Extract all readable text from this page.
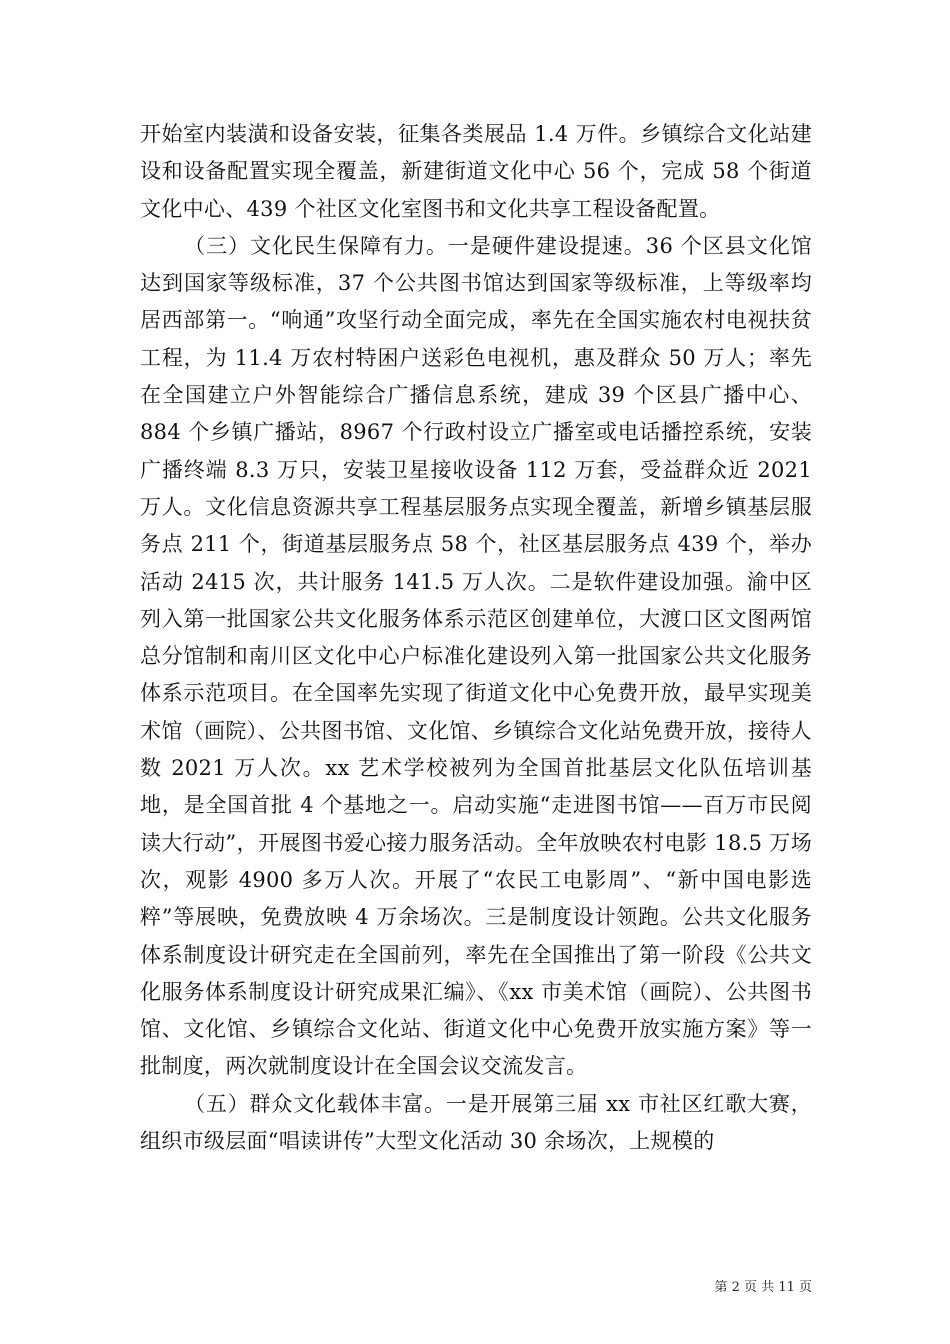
开始室内装潢和设备安装，征集各类展品 1.4 万件。乡镇综合文化站建设和设备配置实现全覆盖，新建街道文化中心 56 个，完成 58 个街道文化中心、439 个社区文化室图书和文化共享工程设备配置。

（三）文化民生保障有力。一是硬件建设提速。36 个区县文化馆达到国家等级标准，37 个公共图书馆达到国家等级标准，上等级率均居西部第一。“响通”攻坚行动全面完成，率先在全国实施农村电视扶贫工程，为 11.4 万农村特困户送彩色电视机，惠及群众 50 万人；率先在全国建立户外智能综合广播信息系统，建成 39 个区县广播中心、884 个乡镇广播站，8967 个行政村设立广播室或电话播控系统，安装广播终端 8.3 万只，安装卫星接收设备 112 万套，受益群众近 2021 万人。文化信息资源共享工程基层服务点实现全覆盖，新增乡镇基层服务点 211 个，街道基层服务点 58 个，社区基层服务点 439 个，举办活动 2415 次，共计服务 141.5 万人次。二是软件建设加强。渝中区列入第一批国家公共文化服务体系示范区创建单位，大渡口区文图两馆总分馆制和南川区文化中心户标准化建设列入第一批国家公共文化服务体系示范项目。在全国率先实现了街道文化中心免费开放，最早实现美术馆（画院）、公共图书馆、文化馆、乡镇综合文化站免费开放，接待人数 2021 万人次。xx 艺术学校被列为全国首批基层文化队伍培训基地，是全国首批 4 个基地之一。启动实施“走进图书馆——百万市民阅读大行动”，开展图书爱心接力服务活动。全年放映农村电影 18.5 万场次，观影 4900 多万人次。开展了“农民工电影周”、“新中国电影选粹”等展映，免费放映 4 万余场次。三是制度设计领跑。公共文化服务体系制度设计研究走在全国前列，率先在全国推出了第一阶段《公共文化服务体系制度设计研究成果汇编》、《xx 市美术馆（画院）、公共图书馆、文化馆、乡镇综合文化站、街道文化中心免费开放实施方案》等一批制度，两次就制度设计在全国会议交流发言。

（五）群众文化载体丰富。一是开展第三届 xx 市社区红歌大赛，组织市级层面“唱读讲传”大型文化活动 30 余场次，上规模的

第 2 页 共 11 页
